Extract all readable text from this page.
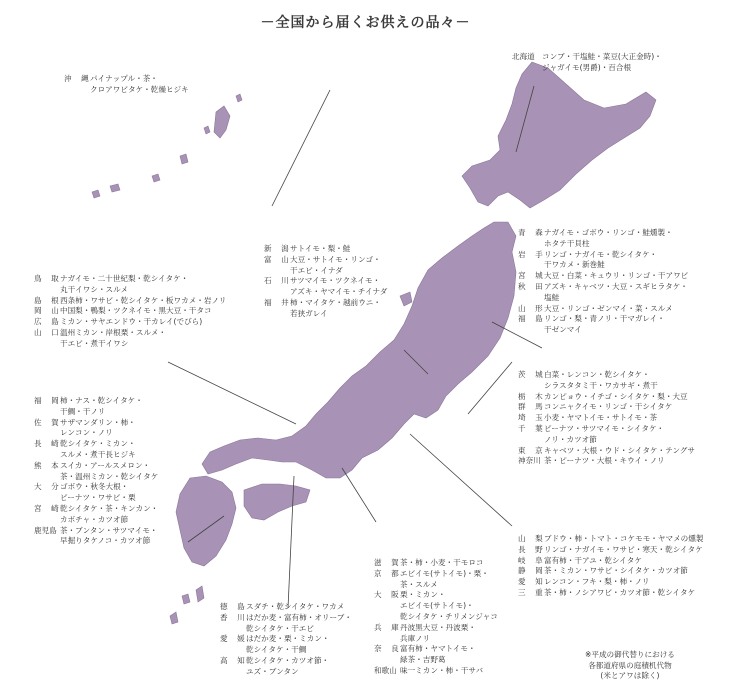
－全国から届くお供えの品々－
北海道 コンブ・干塩鮭・菜豆(大正金時)・
ジャガイモ(男爵)・百合根
沖　縄 パイナップル・茶・
クロアワビタケ・乾燥ヒジキ
新　潟 サトイモ・梨・鮭
富　山 大豆・サトイモ・リンゴ・
干エビ・イナダ
石　川 サツマイモ・ツクネイモ・
アズキ・ヤマイモ・チイナダ
福　井 柿・マイタケ・越前ウニ・
若狭ガレイ
青　森 ナガイモ・ゴボウ・リンゴ・鮭燻製・
ホタテ干貝柱
岩　手 リンゴ・ナガイモ・乾シイタケ・
干ワカメ・新巻鮭
宮　城 大豆・白菜・キュウリ・リンゴ・干アワビ
秋　田 アズキ・キャベツ・大豆・スギヒラタケ・
塩鮭
山　形 大豆・リンゴ・ゼンマイ・菜・スルメ
福　島 リンゴ・梨・青ノリ・干マガレイ・
干ゼンマイ
鳥　取 ナガイモ・二十世紀梨・乾シイタケ・
丸干イワシ・スルメ
島　根 西条柿・ワサビ・乾シイタケ・板ワカメ・岩ノリ
岡　山 中国梨・鴨梨・ツクネイモ・黒大豆・干タコ
広　島 ミカン・サヤエンドウ・干カレイ(でびら)
山　口 温州ミカン・岸根栗・スルメ・
干エビ・煮干イワシ
福　岡 柿・ナス・乾シイタケ・
干鯛・干ノリ
佐　賀 サザマンダリン・柿・
レンコン・ノリ
長　崎 乾シイタケ・ミカン・
スルメ・煮干長ヒジキ
熊　本 スイカ・アールスメロン・
茶・温州ミカン・乾シイタケ
大　分 ゴボウ・秋冬大根・
ピーナツ・ワサビ・栗
宮　崎 乾シイタケ・茶・キンカン・
カボチャ・カツオ節
鹿児島 茶・ブンタン・サツマイモ・
早掘りタケノコ・カツオ節
茨　城 白菜・レンコン・乾シイタケ・
シラスタタミ干・ワカサギ・煮干
栃　木 カンピョウ・イチゴ・シイタケ・梨・大豆
群　馬 コンニャクイモ・リンゴ・干シイタケ
埼　玉 小麦・ヤマトイモ・サトイモ・茶
千　葉 ピーナツ・サツマイモ・シイタケ・
ノリ・カツオ節
東　京 キャベツ・大根・ウド・シイタケ・テングサ
神奈川 茶・ピーナツ・大根・キウイ・ノリ
山　梨 ブドウ・柿・トマト・コケモモ・ヤマメの燻製
長　野 リンゴ・ナガイモ・ワサビ・寒天・乾シイタケ
岐　阜 富有柿・干アユ・乾シイタケ
静　岡 茶・ミカン・ワサビ・シイタケ・カツオ節
愛　知 レンコン・フキ・梨・柿・ノリ
三　重 茶・柿・ノシアワビ・カツオ節・乾シイタケ
滋　賀 茶・柿・小麦・干モロコ
京　都 エビイモ(サトイモ)・栗・
茶・スルメ
大　阪 栗・ミカン・
エビイモ(サトイモ)・
乾シイタケ・チリメンジャコ
兵　庫 丹波黒大豆・丹波栗・
兵庫ノリ
奈　良 富有柿・ヤマトイモ・
緑茶・吉野葛
和歌山 味一ミカン・柿・干サバ
徳　島 スダチ・乾シイタケ・ワカメ
香　川 はだか麦・富有柿・オリーブ・
乾シイタケ・干エビ
愛　媛 はだか麦・栗・ミカン・
乾シイタケ・干鯛
高　知 乾シイタケ・カツオ節・
ユズ・ブンタン
※平成の御代替りにおける
各都道府県の庭積机代物
(米とアワは除く)
